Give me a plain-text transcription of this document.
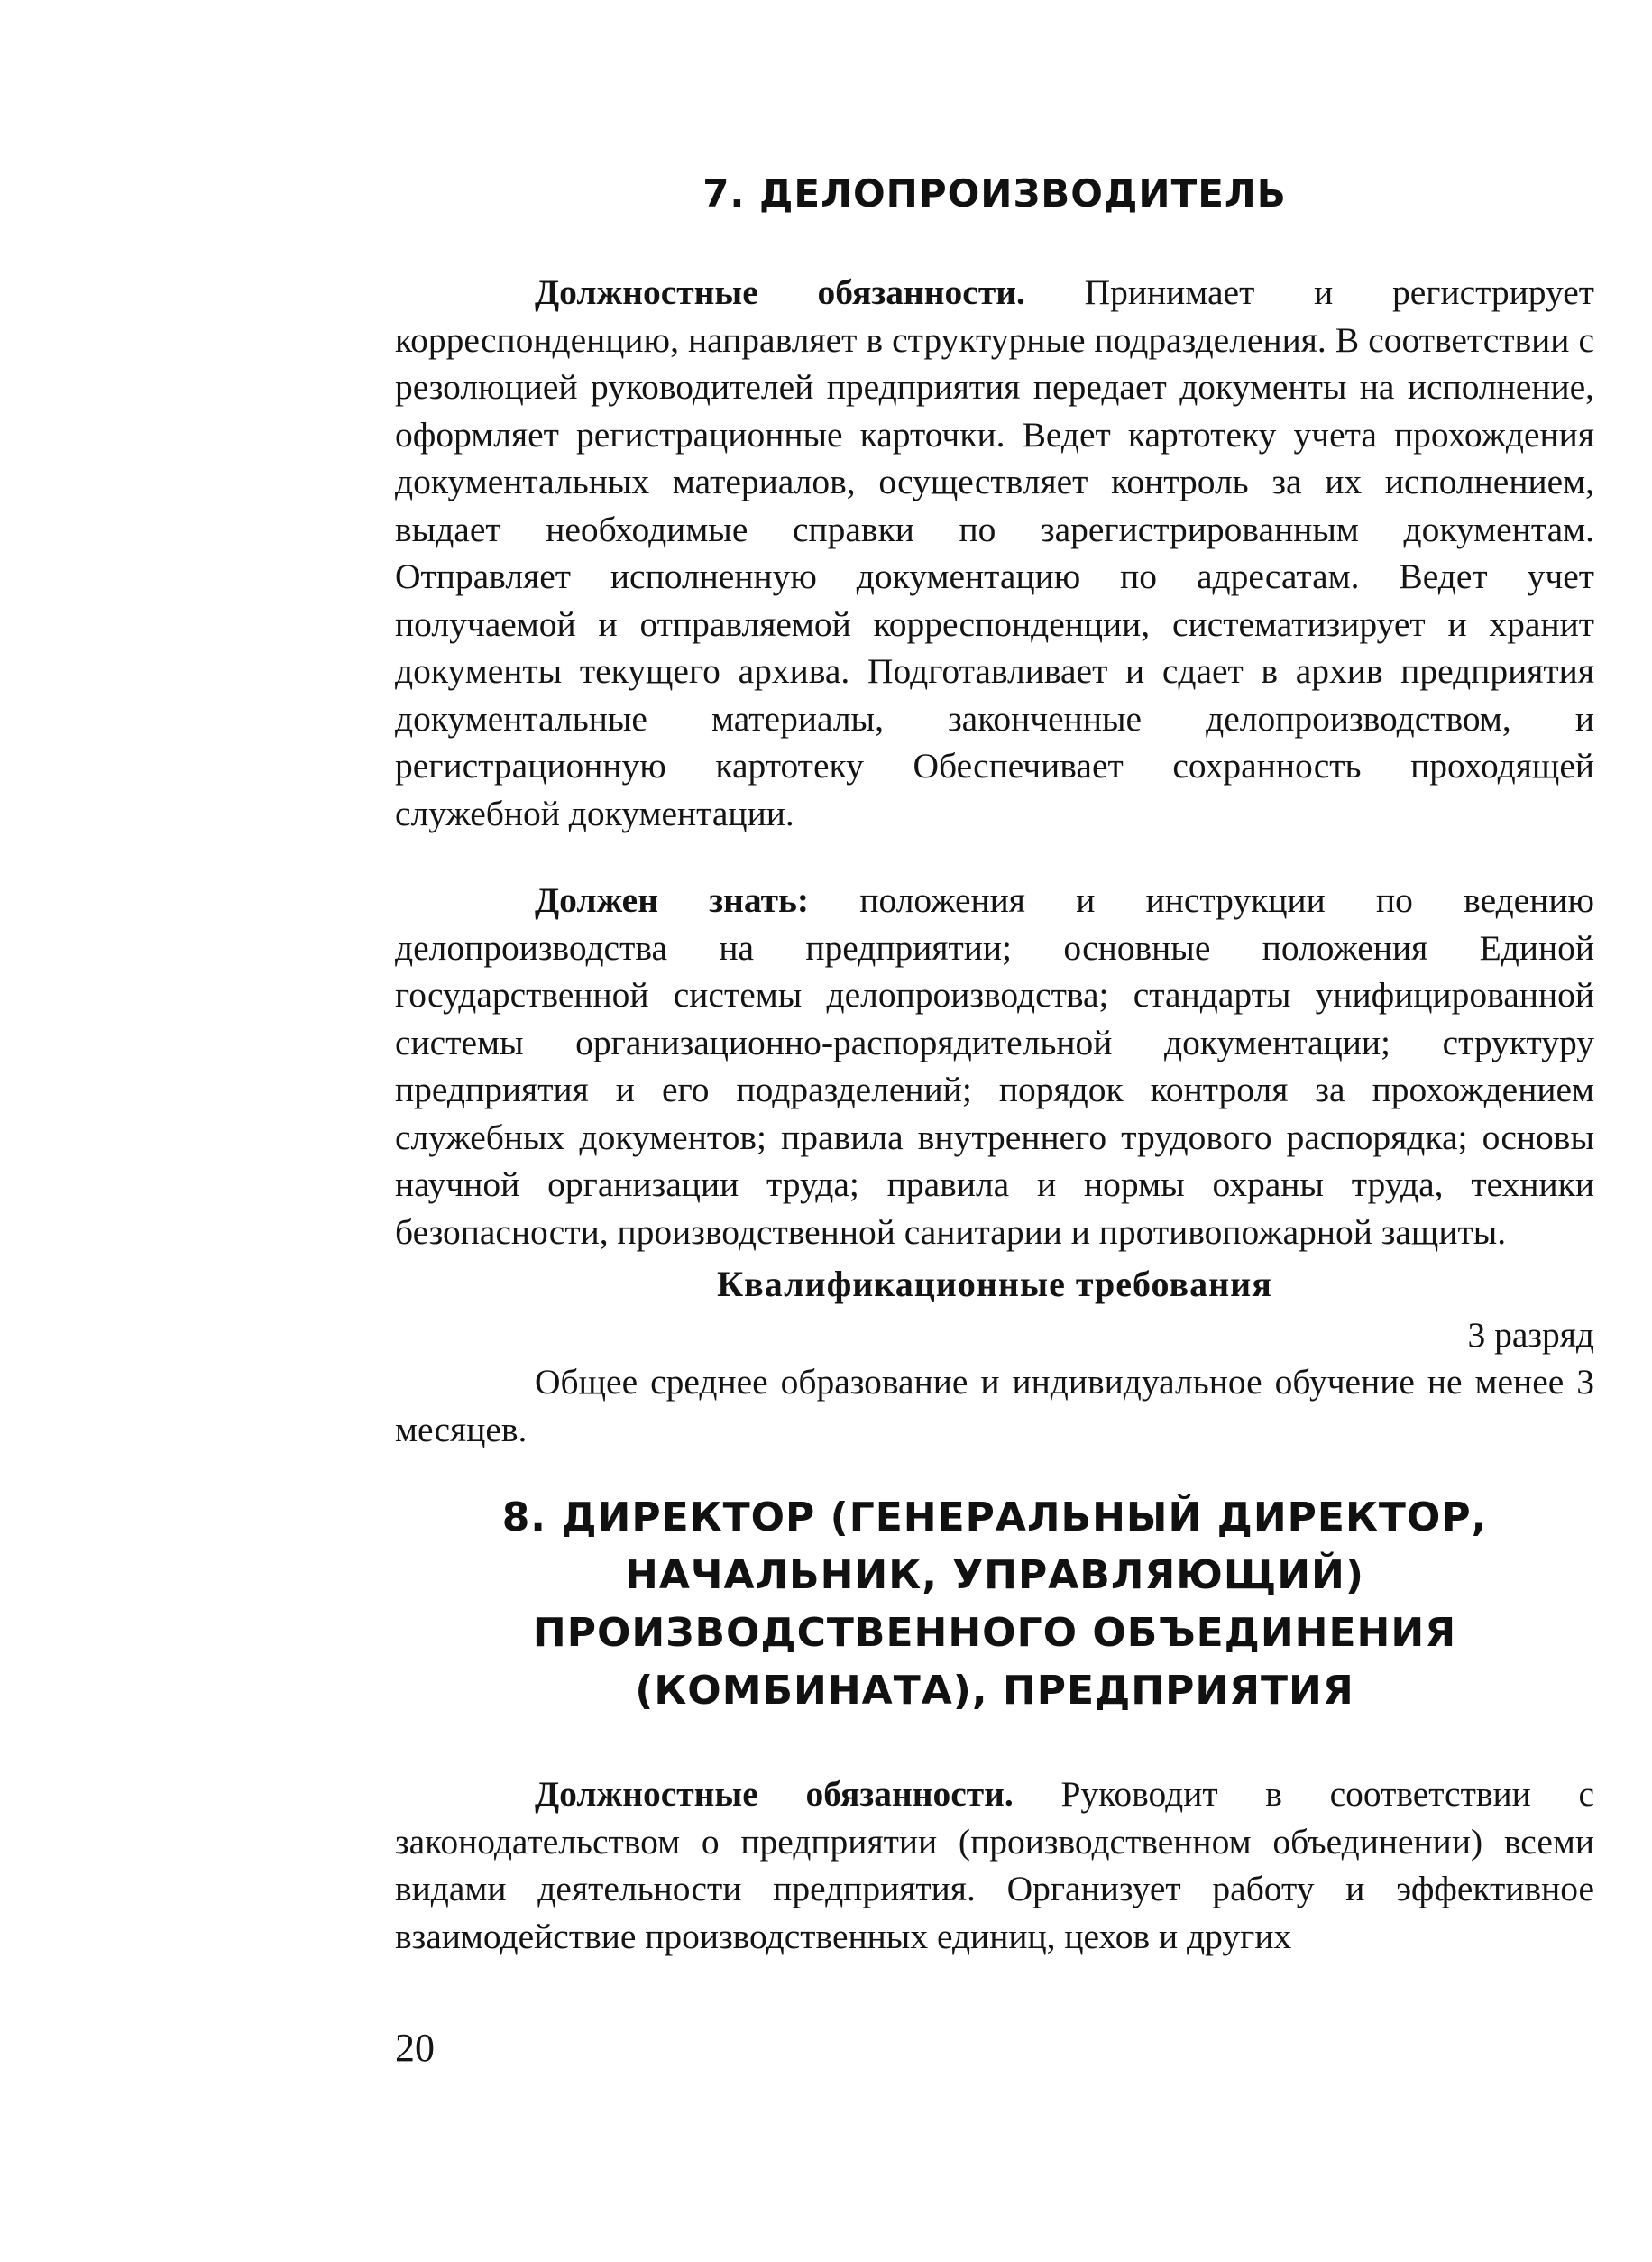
7. ДЕЛОПРОИЗВОДИТЕЛЬ

Должностные обязанности. Принимает и регистрирует корреспонденцию, направляет в структурные подразделения. В соответствии с резолюцией руководителей предприятия передает документы на исполнение, оформляет регистрационные карточки. Ведет картотеку учета прохождения документальных материалов, осуществляет контроль за их исполнением, выдает необходимые справки по зарегистрированным документам. Отправляет исполненную документацию по адресатам. Ведет учет получаемой и отправляемой корреспонденции, систематизирует и хранит документы текущего архива. Подготавливает и сдает в архив предприятия документальные материалы, законченные делопроизводством, и регистрационную картотеку Обеспечивает сохранность проходящей служебной документации.

Должен знать: положения и инструкции по ведению делопроизводства на предприятии; основные положения Единой государственной системы делопроизводства; стандарты унифицированной системы организационно-распорядительной документации; структуру предприятия и его подразделений; порядок контроля за прохождением служебных документов; правила внутреннего трудового распорядка; основы научной организации труда; правила и нормы охраны труда, техники безопасности, производственной санитарии и противопожарной защиты.

Квалификационные требования
3 разряд

Общее среднее образование и индивидуальное обучение не менее 3 месяцев.

8. ДИРЕКТОР (ГЕНЕРАЛЬНЫЙ ДИРЕКТОР, НАЧАЛЬНИК, УПРАВЛЯЮЩИЙ) ПРОИЗВОДСТВЕННОГО ОБЪЕДИНЕНИЯ (КОМБИНАТА), ПРЕДПРИЯТИЯ

Должностные обязанности. Руководит в соответствии с законодательством о предприятии (производственном объединении) всеми видами деятельности предприятия. Организует работу и эффективное взаимодействие производственных единиц, цехов и других

20
